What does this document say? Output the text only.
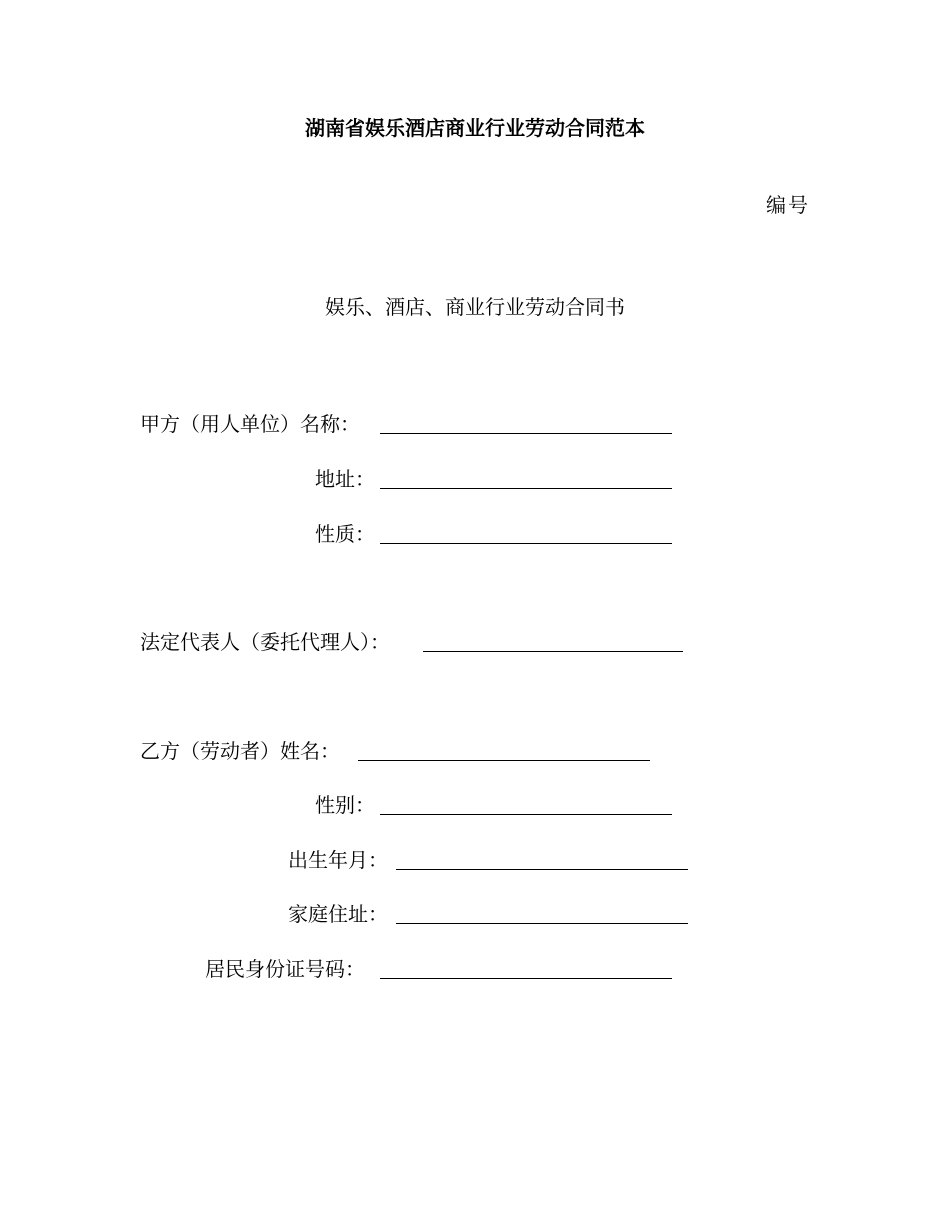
湖南省娱乐酒店商业行业劳动合同范本
编号
娱乐、酒店、商业行业劳动合同书
甲方（用人单位）名称：
地址：
性质：
法定代表人（委托代理人）：
乙方（劳动者）姓名：
性别：
出生年月：
家庭住址：
居民身份证号码：
